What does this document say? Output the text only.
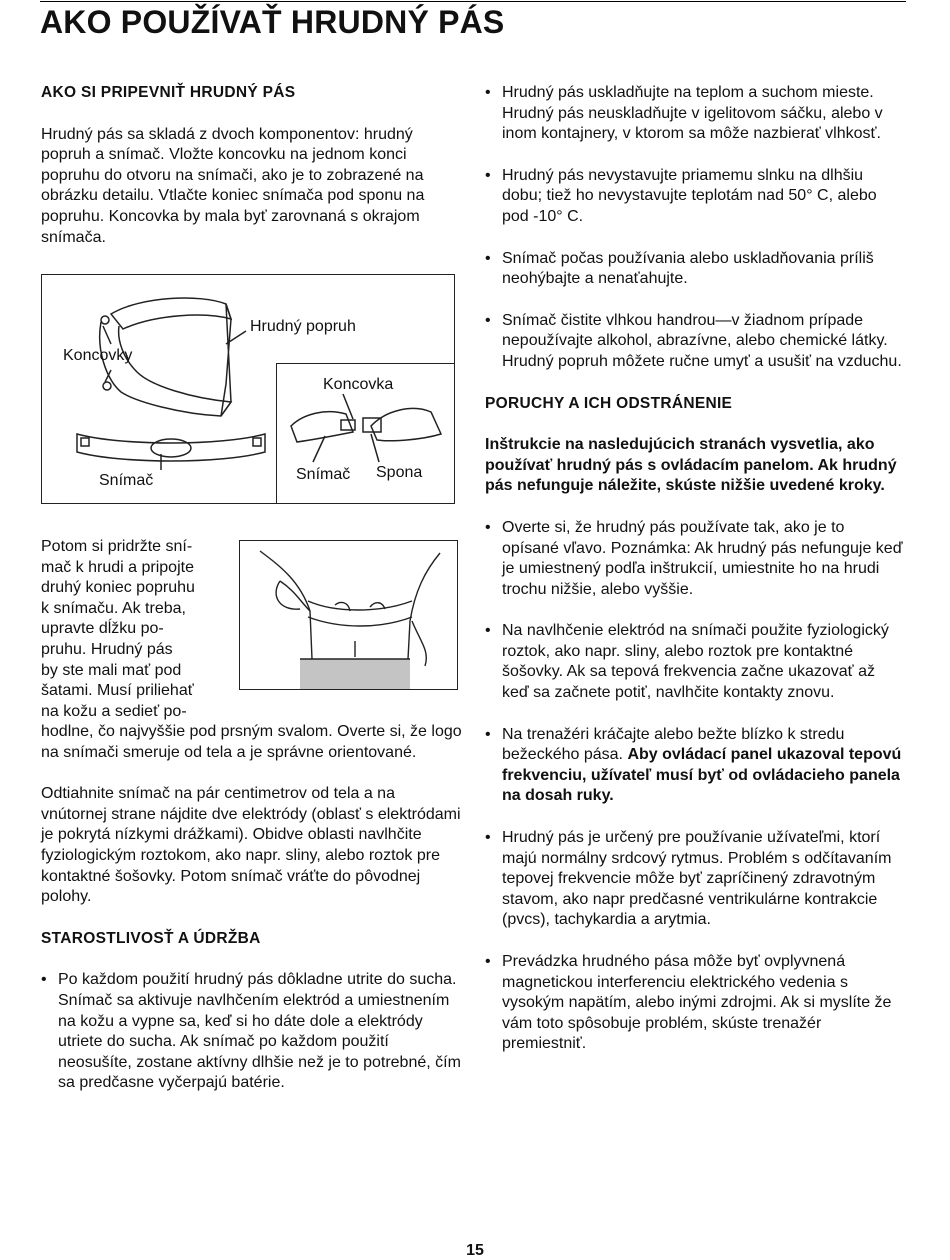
AKO POUŽÍVAŤ HRUDNÝ PÁS

AKO SI PRIPEVNIŤ HRUDNÝ PÁS

Hrudný pás sa skladá z dvoch komponentov: hrudný popruh a snímač. Vložte koncovku na jednom konci popruhu do otvoru na snímači, ako je to zobrazené na obrázku detailu. Vtlačte koniec snímača pod sponu na popruhu. Koncovka by mala byť zarovnaná s okrajom snímača.

Koncovky
Hrudný popruh
Snímač
Koncovka
Snímač Spona

Potom si pridržte sní-

mač k hrudi a pripojte

druhý koniec popruhu

k snímaču. Ak treba,

upravte dĺžku po-

pruhu. Hrudný pás

by ste mali mať pod

šatami. Musí priliehať

na kožu a sedieť po-

hodlne, čo najvyššie pod prsným svalom. Overte si, že logo na snímači smeruje od tela a je správne orientované.

Odtiahnite snímač na pár centimetrov od tela a na vnútornej strane nájdite dve elektródy (oblasť s elektródami je pokrytá nízkymi drážkami). Obidve oblasti navlhčite fyziologickým roztokom, ako napr. sliny, alebo roztok pre kontaktné šošovky. Potom snímač vráťte do pôvodnej polohy.

STAROSTLIVOSŤ A ÚDRŽBA

• Po každom použití hrudný pás dôkladne utrite do sucha. Snímač sa aktivuje navlhčením elektród a umiestnením na kožu a vypne sa, keď si ho dáte dole a elektródy utriete do sucha. Ak snímač po každom použití neosušíte, zostane aktívny dlhšie než je to potrebné, čím sa predčasne vyčerpajú batérie.
• Hrudný pás uskladňujte na teplom a suchom mieste. Hrudný pás neuskladňujte v igelitovom sáčku, alebo v inom kontajnery, v ktorom sa môže nazbierať vlhkosť.
• Hrudný pás nevystavujte priamemu slnku na dlhšiu dobu; tiež ho nevystavujte teplotám nad 50° C, alebo pod -10° C.
• Snímač počas používania alebo uskladňovania príliš neohýbajte a nenaťahujte.
• Snímač čistite vlhkou handrou—v žiadnom prípade nepoužívajte alkohol, abrazívne, alebo chemické látky. Hrudný popruh môžete ručne umyť a usušiť na vzduchu.

PORUCHY A ICH ODSTRÁNENIE

Inštrukcie na nasledujúcich stranách vysvetlia, ako používať hrudný pás s ovládacím panelom. Ak hrudný pás nefunguje náležite, skúste nižšie uvedené kroky.

• Overte si, že hrudný pás používate tak, ako je to opísané vľavo. Poznámka: Ak hrudný pás nefunguje keď je umiestnený podľa inštrukcií, umiestnite ho na hrudi trochu nižšie, alebo vyššie.
• Na navlhčenie elektród na snímači použite fyziologický roztok, ako napr. sliny, alebo roztok pre kontaktné šošovky. Ak sa tepová frekvencia začne ukazovať až keď sa začnete potiť, navlhčite kontakty znovu.
• Na trenažéri kráčajte alebo bežte blízko k stredu bežeckého pása. Aby ovládací panel ukazoval tepovú frekvenciu, užívateľ musí byť od ovládacieho panela na dosah ruky.
• Hrudný pás je určený pre používanie užívateľmi, ktorí majú normálny srdcový rytmus. Problém s odčítavaním tepovej frekvencie môže byť zapríčinený zdravotným stavom, ako napr predčasné ventrikulárne kontrakcie (pvcs), tachykardia a arytmia.
• Prevádzka hrudného pása môže byť ovplyvnená magnetickou interferenciu elektrického vedenia s vysokým napätím, alebo inými zdrojmi. Ak si myslíte že vám toto spôsobuje problém, skúste trenažér premiestniť.
15
